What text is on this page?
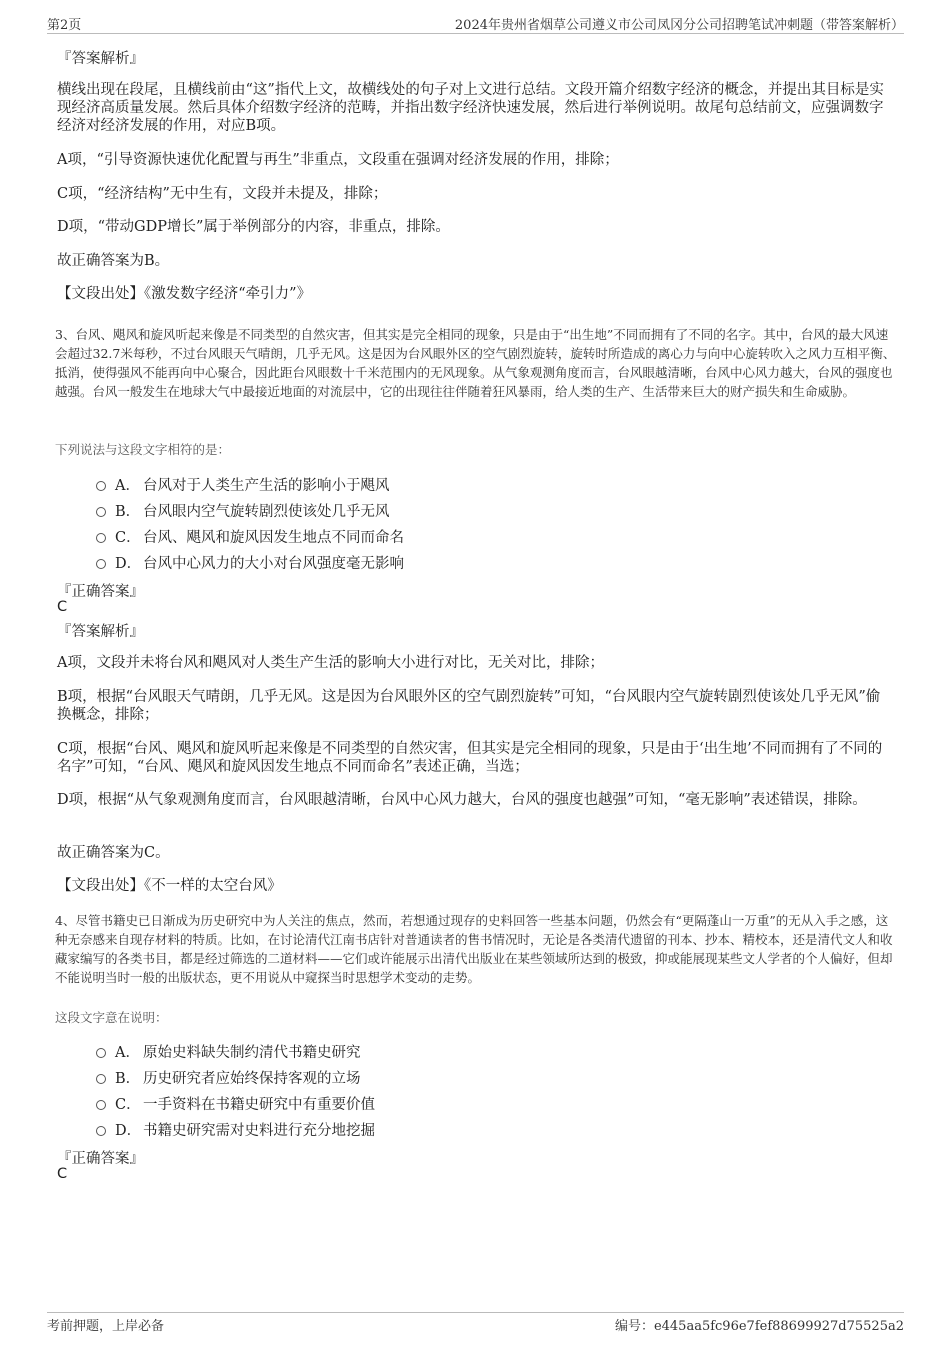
第2页	2024年贵州省烟草公司遵义市公司凤冈分公司招聘笔试冲刺题（带答案解析）

『答案解析』

横线出现在段尾，且横线前由“这”指代上文，故横线处的句子对上文进行总结。文段开篇介绍数字经济的概念，并提出其目标是实现经济高质量发展。然后具体介绍数字经济的范畴，并指出数字经济快速发展，然后进行举例说明。故尾句总结前文，应强调数字经济对经济发展的作用，对应B项。

A项，“引导资源快速优化配置与再生”非重点，文段重在强调对经济发展的作用，排除；

C项，“经济结构”无中生有，文段并未提及，排除；

D项，“带动GDP增长”属于举例部分的内容，非重点，排除。

故正确答案为B。

【文段出处】《激发数字经济“牵引力”》

3、台风、飓风和旋风听起来像是不同类型的自然灾害，但其实是完全相同的现象，只是由于“出生地”不同而拥有了不同的名字。其中，台风的最大风速会超过32.7米每秒，不过台风眼天气晴朗，几乎无风。这是因为台风眼外区的空气剧烈旋转，旋转时所造成的离心力与向中心旋转吹入之风力互相平衡、抵消，使得强风不能再向中心聚合，因此距台风眼数十千米范围内的无风现象。从气象观测角度而言，台风眼越清晰，台风中心风力越大，台风的强度也越强。台风一般发生在地球大气中最接近地面的对流层中，它的出现往往伴随着狂风暴雨，给人类的生产、生活带来巨大的财产损失和生命威胁。

下列说法与这段文字相符的是：
A． 台风对于人类生产生活的影响小于飓风
B． 台风眼内空气旋转剧烈使该处几乎无风
C． 台风、飓风和旋风因发生地点不同而命名
D． 台风中心风力的大小对台风强度毫无影响
『正确答案』
C
『答案解析』

A项，文段并未将台风和飓风对人类生产生活的影响大小进行对比，无关对比，排除；

B项，根据“台风眼天气晴朗，几乎无风。这是因为台风眼外区的空气剧烈旋转”可知，“台风眼内空气旋转剧烈使该处几乎无风”偷换概念，排除；

C项，根据“台风、飓风和旋风听起来像是不同类型的自然灾害，但其实是完全相同的现象，只是由于‘出生地’不同而拥有了不同的名字”可知，“台风、飓风和旋风因发生地点不同而命名”表述正确，当选；

D项，根据“从气象观测角度而言，台风眼越清晰，台风中心风力越大，台风的强度也越强”可知，“毫无影响”表述错误，排除。

故正确答案为C。

【文段出处】《不一样的太空台风》

4、尽管书籍史已日渐成为历史研究中为人关注的焦点，然而，若想通过现存的史料回答一些基本问题，仍然会有“更隔蓬山一万重”的无从入手之感，这种无奈感来自现存材料的特质。比如，在讨论清代江南书店针对普通读者的售书情况时，无论是各类清代遗留的刊本、抄本、精校本，还是清代文人和收藏家编写的各类书目，都是经过筛选的二道材料——它们或许能展示出清代出版业在某些领域所达到的极致，抑或能展现某些文人学者的个人偏好，但却不能说明当时一般的出版状态，更不用说从中窥探当时思想学术变动的走势。

这段文字意在说明：
A． 原始史料缺失制约清代书籍史研究
B． 历史研究者应始终保持客观的立场
C． 一手资料在书籍史研究中有重要价值
D． 书籍史研究需对史料进行充分地挖掘
『正确答案』
C
考前押题，上岸必备	编号：e445aa5fc96e7fef88699927d75525a2
